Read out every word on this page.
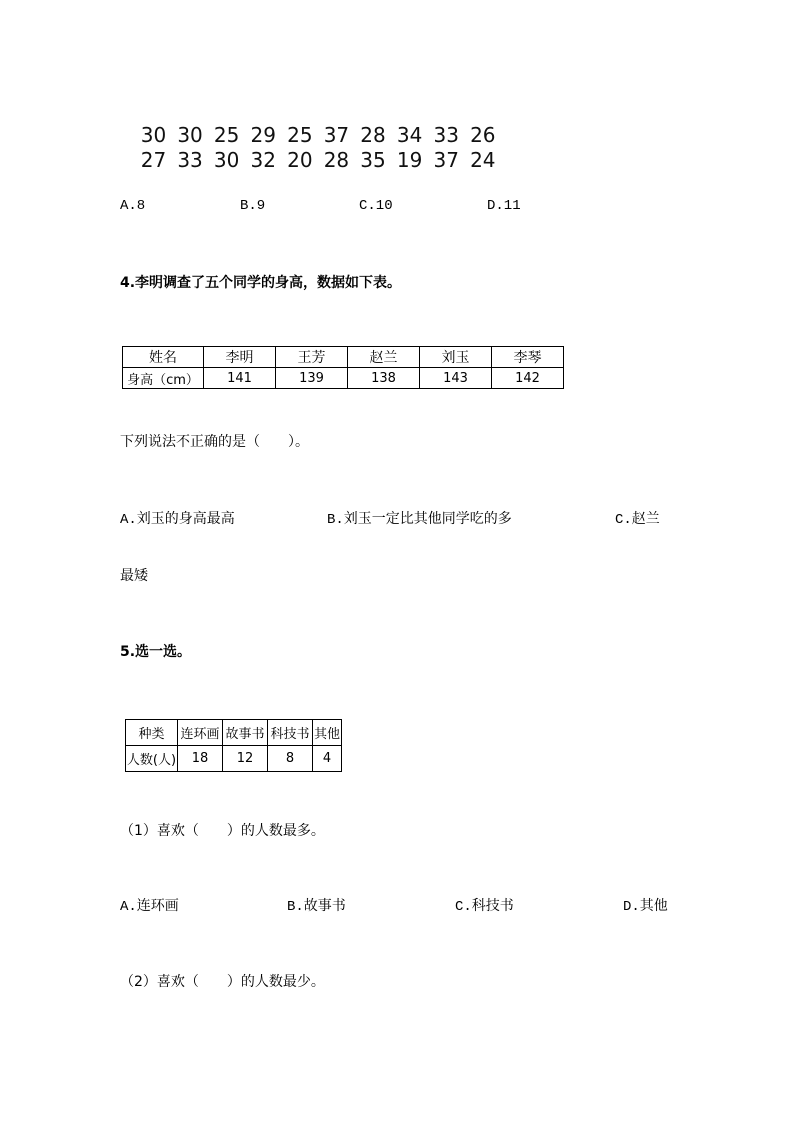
30 30 25 29 25 37 28 34 33 26

27 33 30 32 20 28 35 19 37 24

A.8	B.9	C.10	D.11
4.李明调查了五个同学的身高，数据如下表。
姓名	李明	王芳	赵兰	刘玉	李琴
身高（cm）	141	139	138	143	142
下列说法不正确的是（　　）。
A.刘玉的身高最高	B.刘玉一定比其他同学吃的多	C.赵兰
最矮
5.选一选。
种类	连环画	故事书	科技书	其他
人数(人)	18	12	8	4
（1）喜欢（　　）的人数最多。
A.连环画	B.故事书	C.科技书	D.其他
（2）喜欢（　　）的人数最少。
